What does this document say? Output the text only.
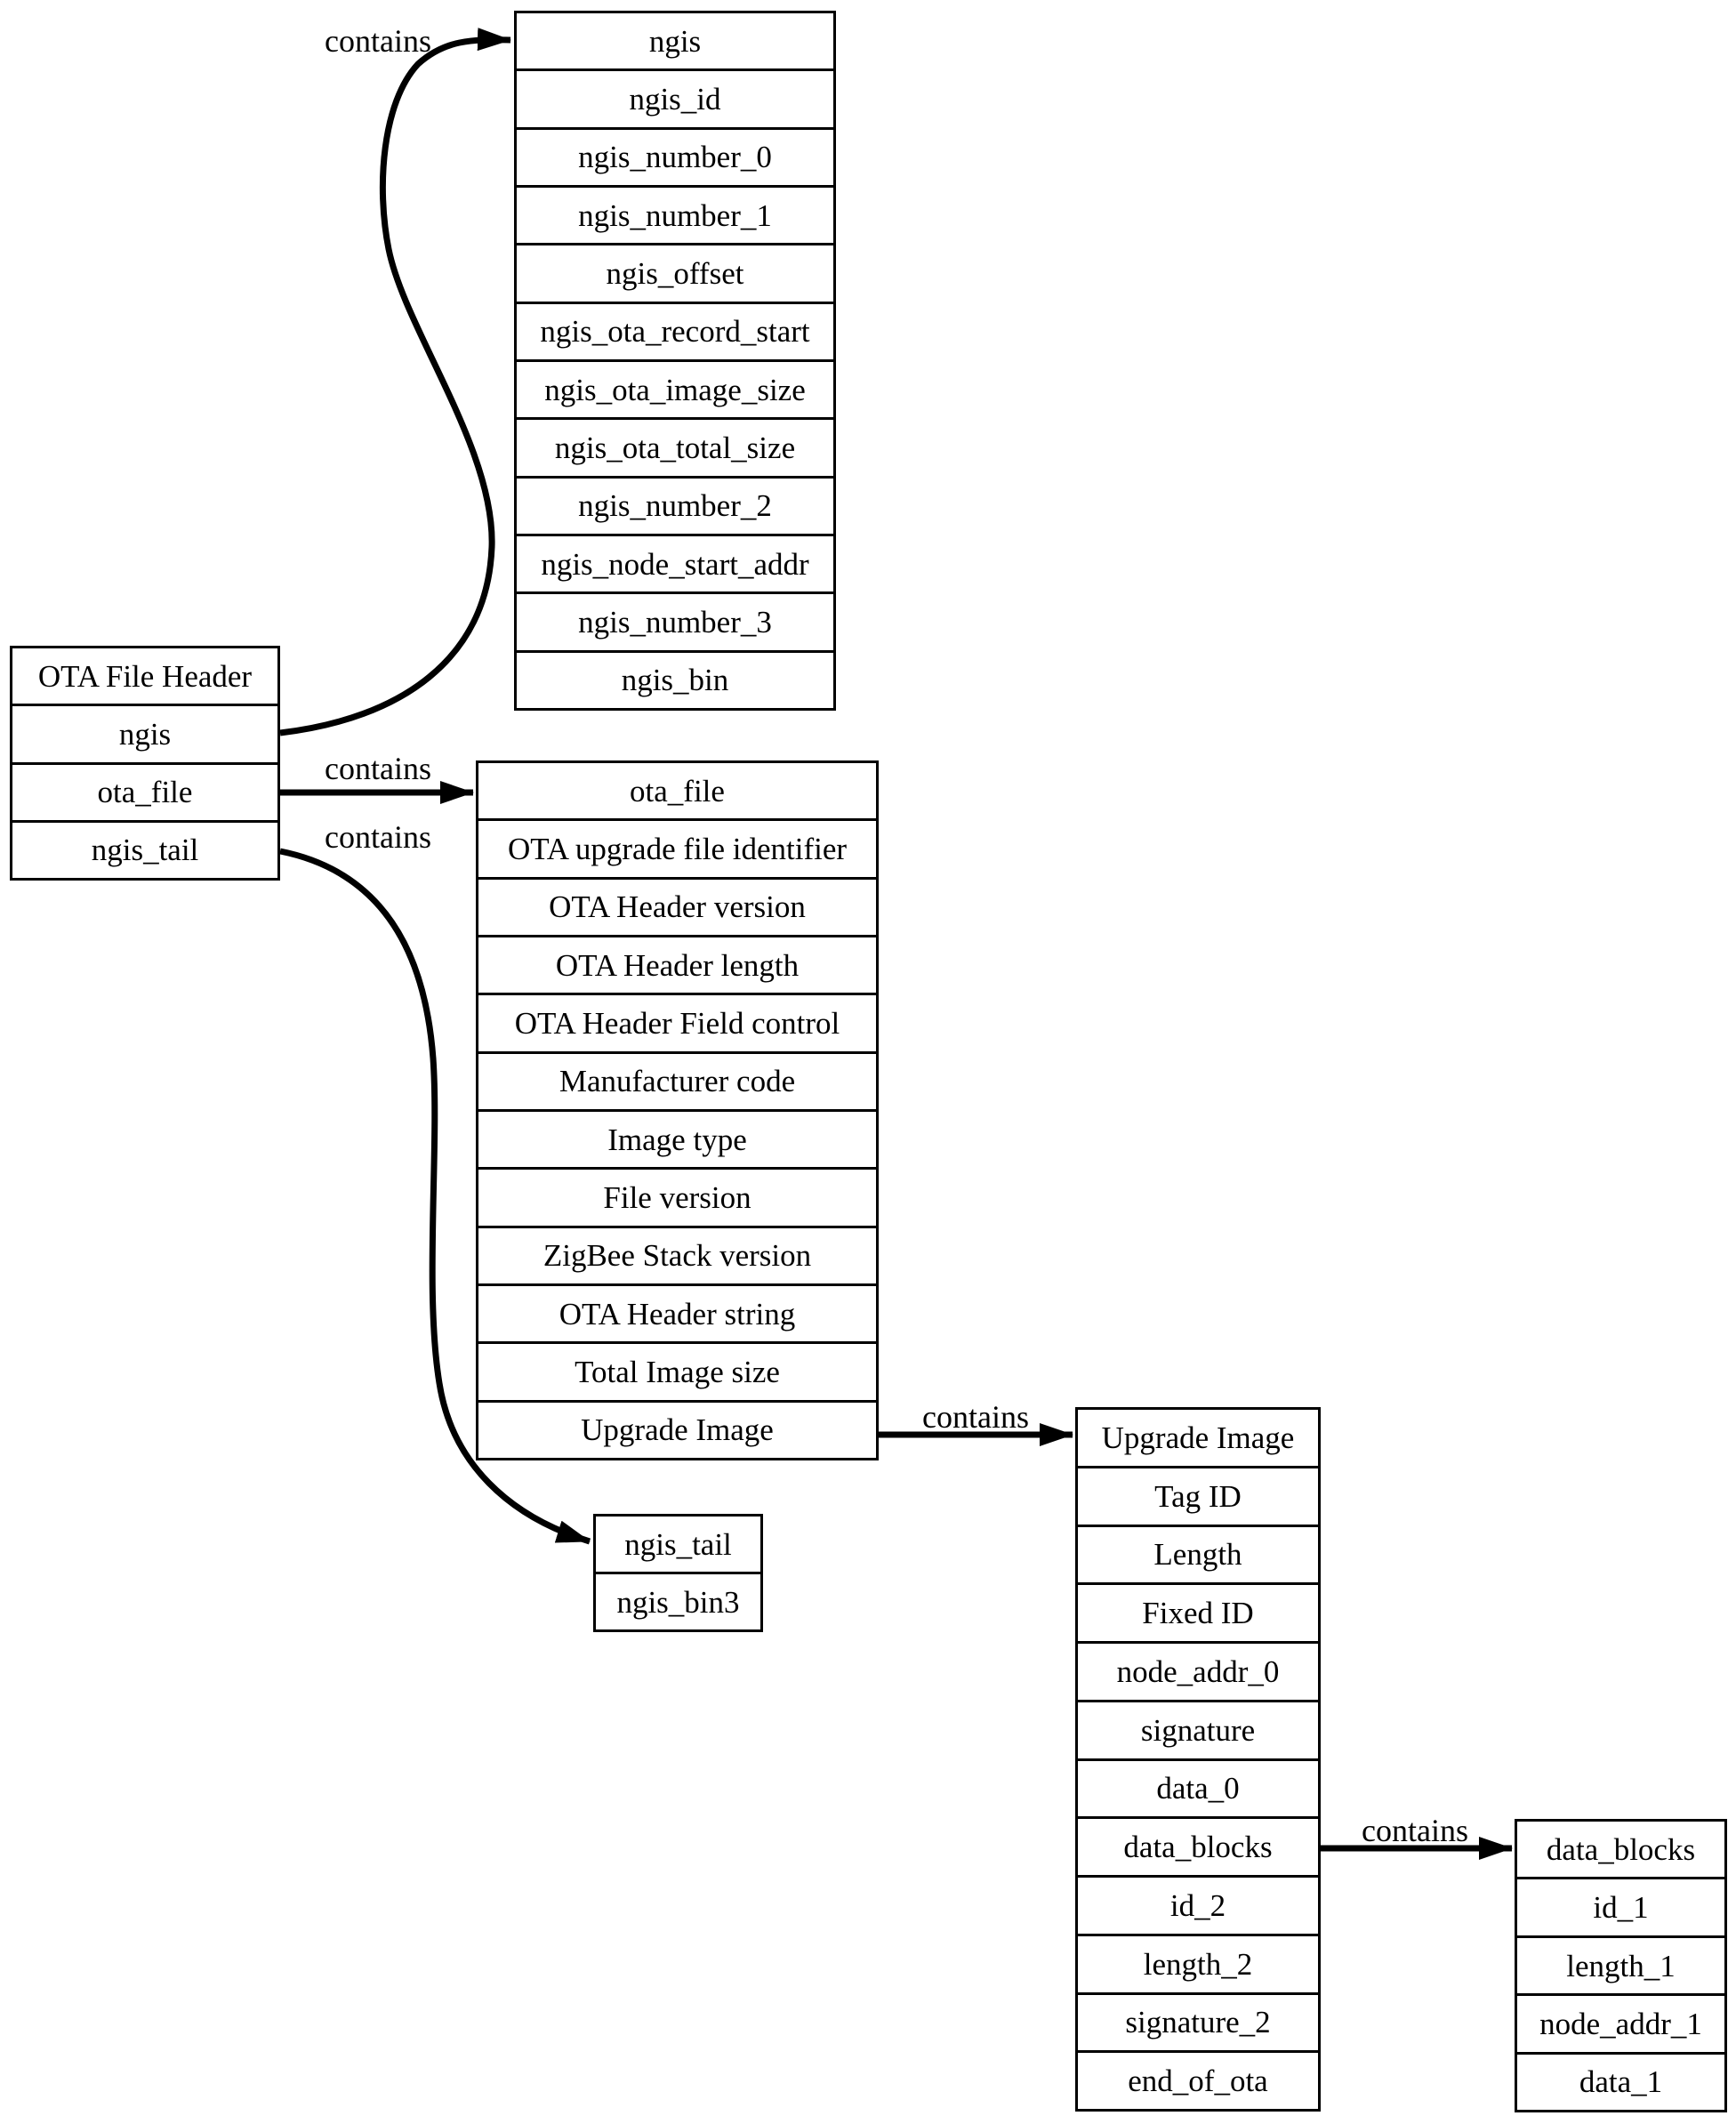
OTA File Header
ngis
ota_file
ngis_tail
ngis
ngis_id
ngis_number_0
ngis_number_1
ngis_offset
ngis_ota_record_start
ngis_ota_image_size
ngis_ota_total_size
ngis_number_2
ngis_node_start_addr
ngis_number_3
ngis_bin
ota_file
OTA upgrade file identifier
OTA Header version
OTA Header length
OTA Header Field control
Manufacturer code
Image type
File version
ZigBee Stack version
OTA Header string
Total Image size
Upgrade Image
ngis_tail
ngis_bin3
Upgrade Image
Tag ID
Length
Fixed ID
node_addr_0
signature
data_0
data_blocks
id_2
length_2
signature_2
end_of_ota
data_blocks
id_1
length_1
node_addr_1
data_1
contains
contains
contains
contains
contains
